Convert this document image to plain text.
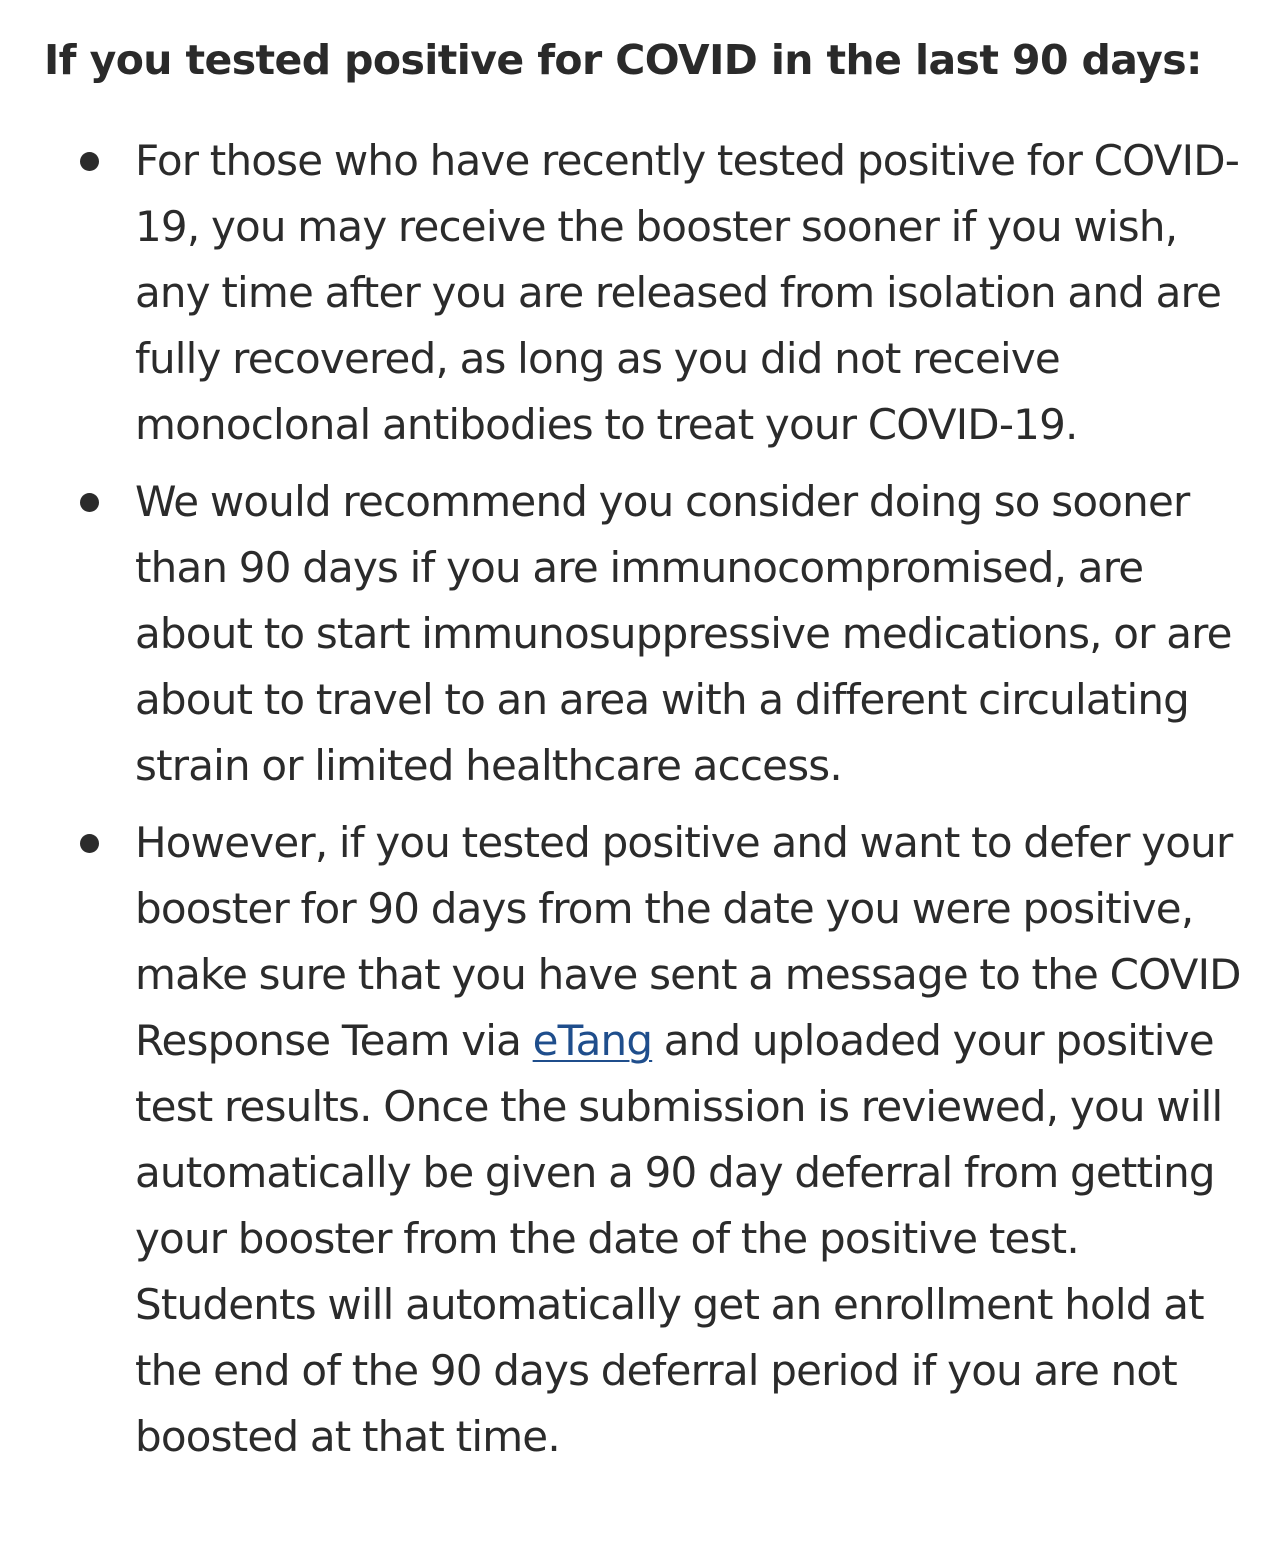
If you tested positive for COVID in the last 90 days:
For those who have recently tested positive for COVID-19, you may receive the booster sooner if you wish, any time after you are released from isolation and are fully recovered, as long as you did not receive monoclonal antibodies to treat your COVID-19.
We would recommend you consider doing so sooner than 90 days if you are immunocompromised, are about to start immunosuppressive medications, or are about to travel to an area with a different circulating strain or limited healthcare access.
However, if you tested positive and want to defer your booster for 90 days from the date you were positive, make sure that you have sent a message to the COVID Response Team via eTang and uploaded your positive test results. Once the submission is reviewed, you will automatically be given a 90 day deferral from getting your booster from the date of the positive test. Students will automatically get an enrollment hold at the end of the 90 days deferral period if you are not boosted at that time.
